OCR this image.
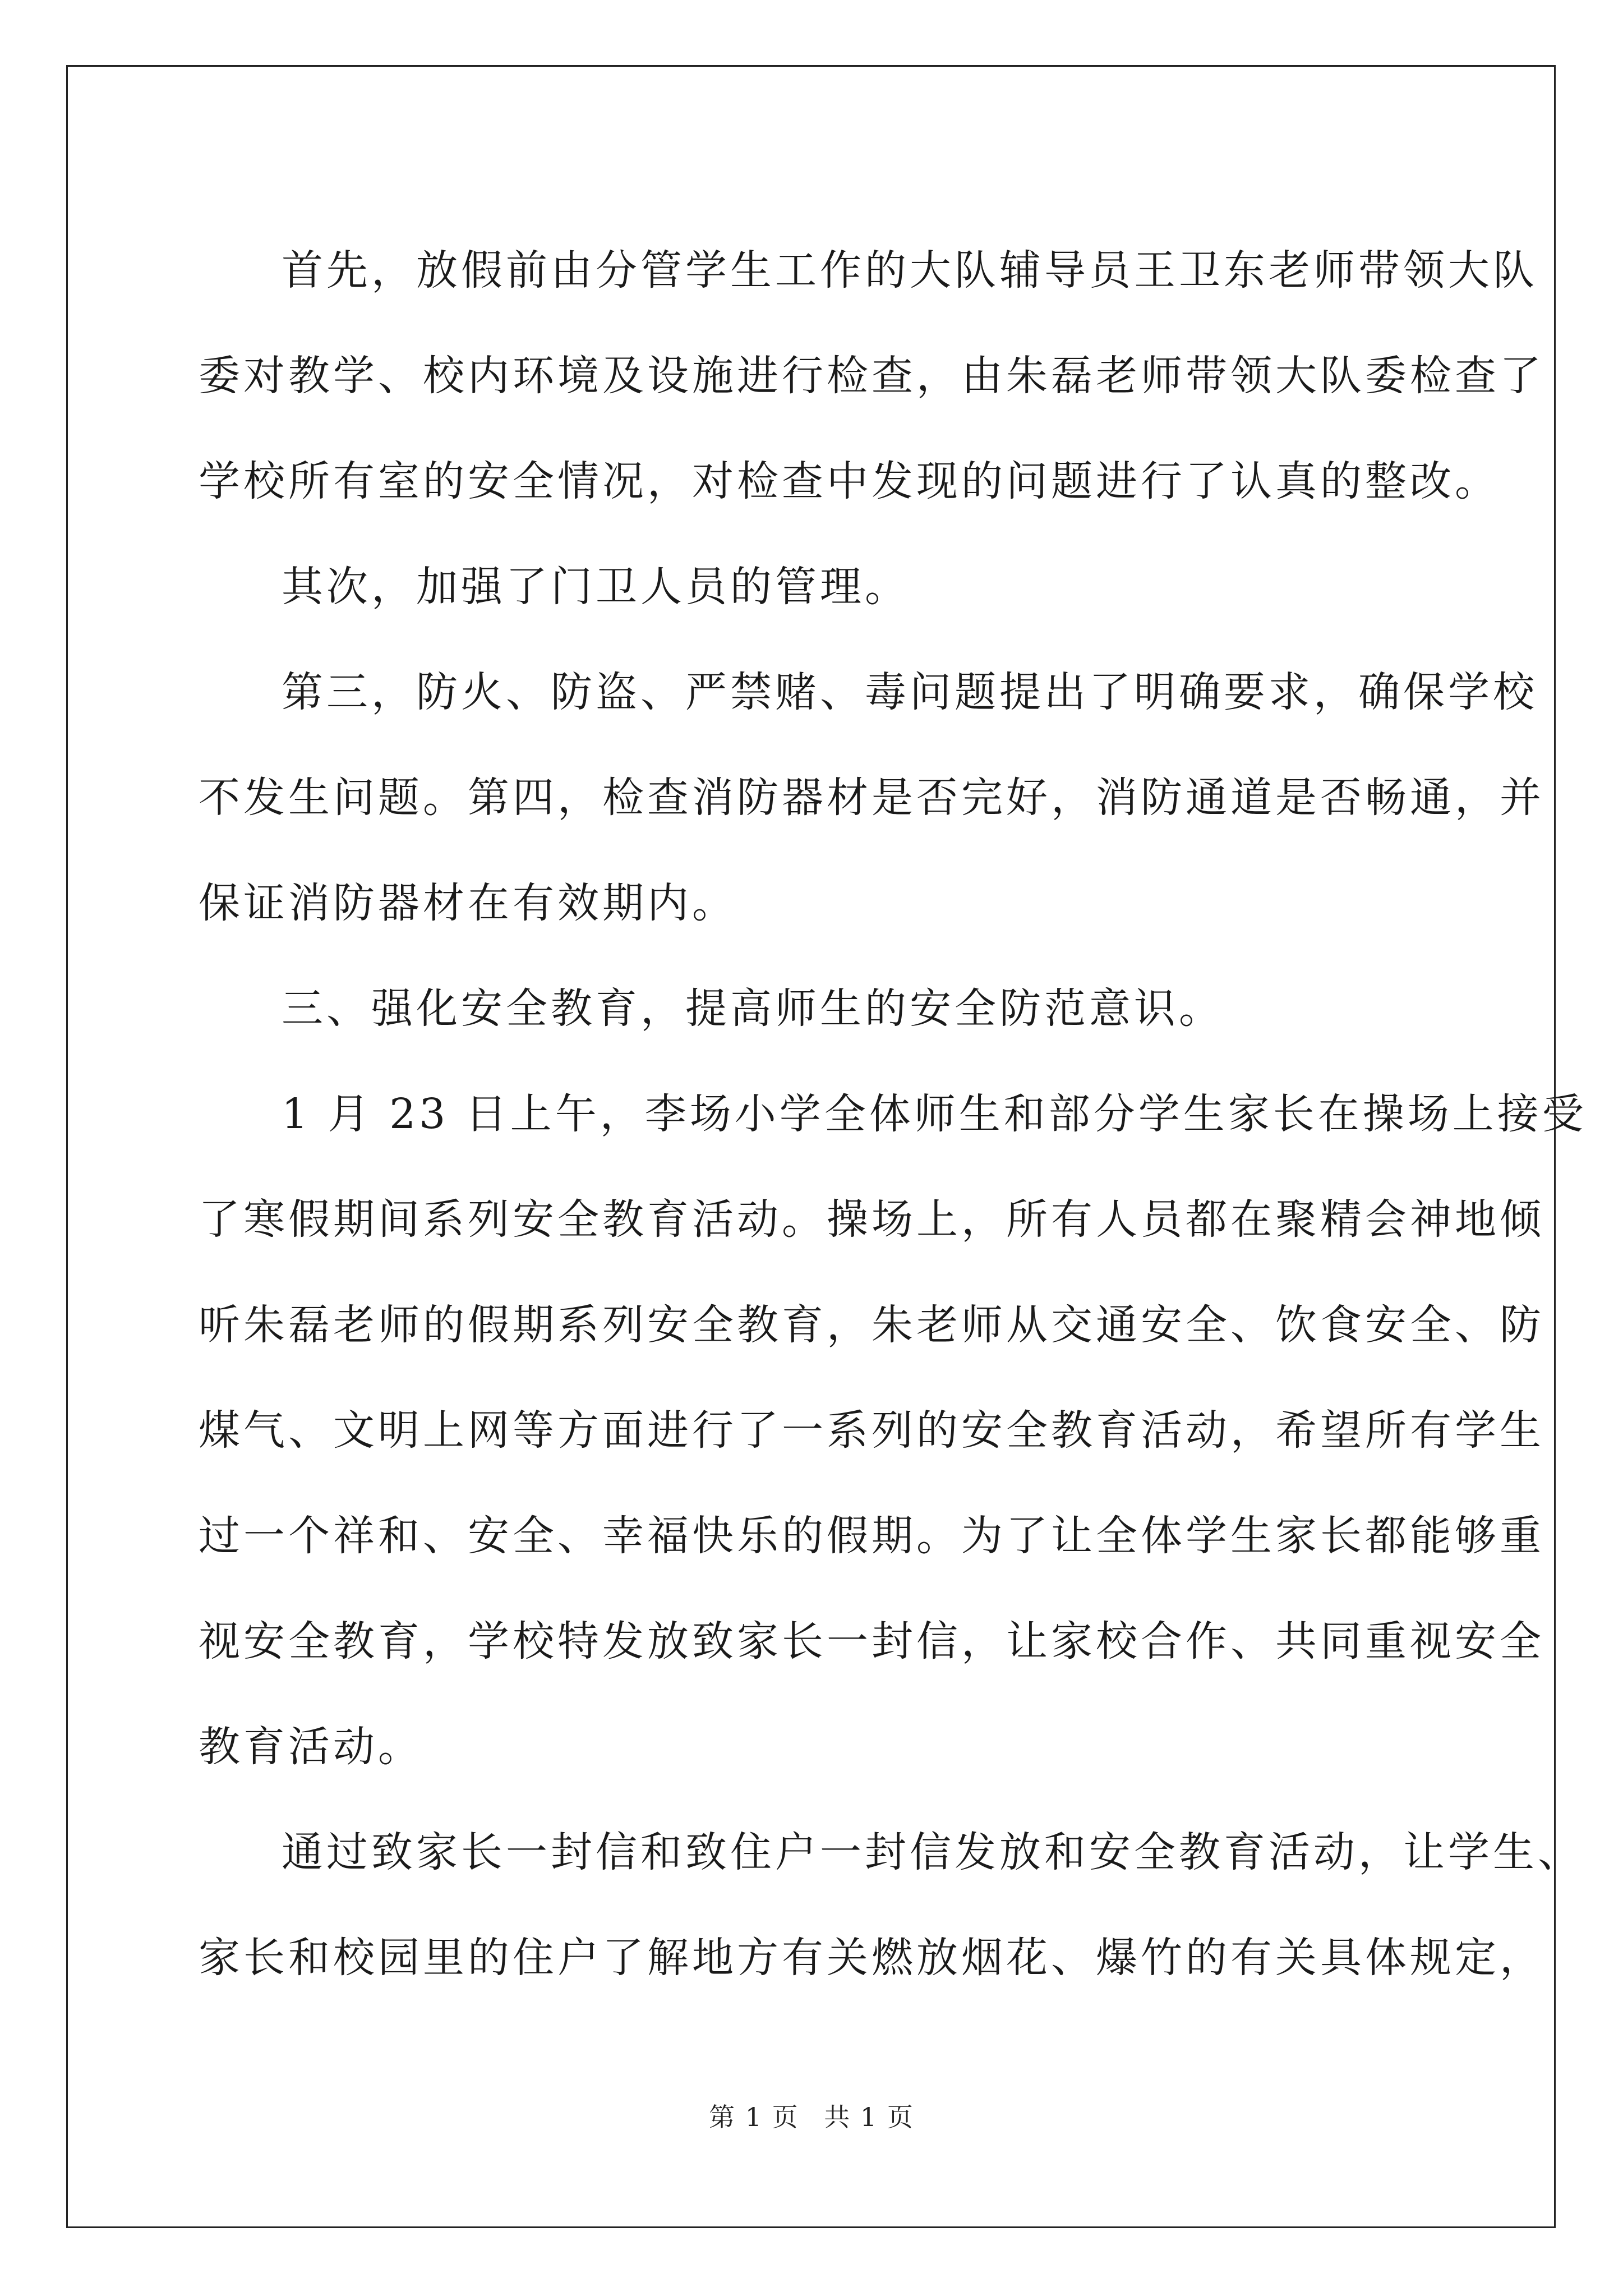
首先，放假前由分管学生工作的大队辅导员王卫东老师带领大队
委对教学、校内环境及设施进行检查，由朱磊老师带领大队委检查了
学校所有室的安全情况，对检查中发现的问题进行了认真的整改。
其次，加强了门卫人员的管理。
第三，防火、防盗、严禁赌、毒问题提出了明确要求，确保学校
不发生问题。第四，检查消防器材是否完好，消防通道是否畅通，并
保证消防器材在有效期内。
三、强化安全教育，提高师生的安全防范意识。
1 月 23 日上午，李场小学全体师生和部分学生家长在操场上接受
了寒假期间系列安全教育活动。操场上，所有人员都在聚精会神地倾
听朱磊老师的假期系列安全教育，朱老师从交通安全、饮食安全、防
煤气、文明上网等方面进行了一系列的安全教育活动，希望所有学生
过一个祥和、安全、幸福快乐的假期。为了让全体学生家长都能够重
视安全教育，学校特发放致家长一封信，让家校合作、共同重视安全
教育活动。
通过致家长一封信和致住户一封信发放和安全教育活动，让学生、
家长和校园里的住户了解地方有关燃放烟花、爆竹的有关具体规定，
第 1 页 共 1 页
